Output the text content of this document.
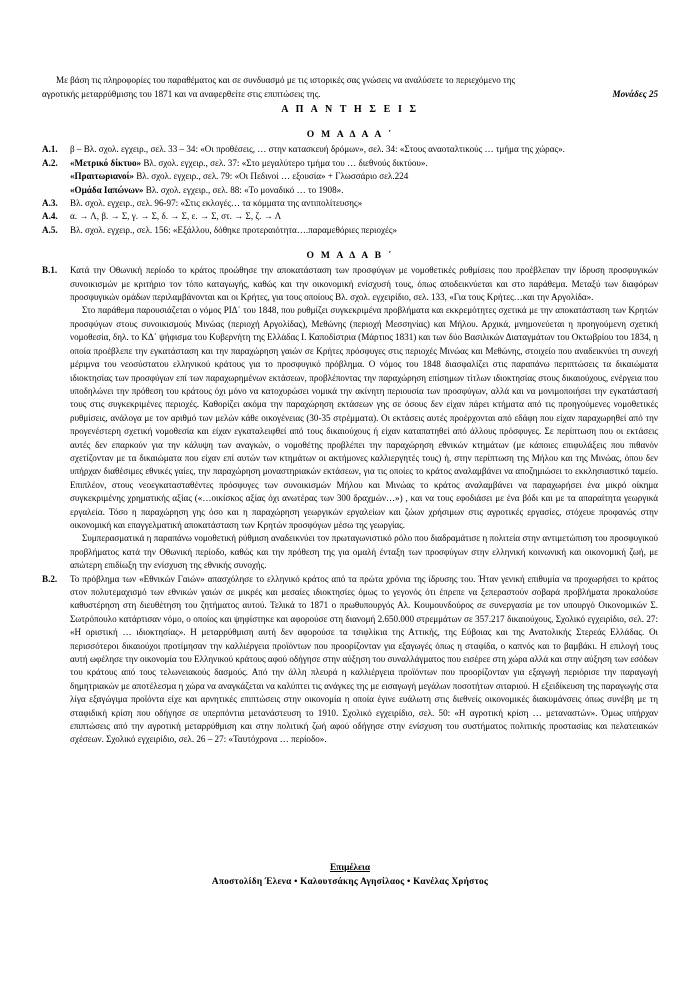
Με βάση τις πληροφορίες του παραθέματος και σε συνδυασμό με τις ιστορικές σας γνώσεις να αναλύσετε το περιεχόμενο της

αγροτικής μεταρρύθμισης του 1871 και να αναφερθείτε στις επιπτώσεις της.	Μονάδες 25
Α Π Α Ν Τ Η Σ Ε Ι Σ
Ο Μ Α Δ Α Α ΄
Α.1.	β – Βλ. σχολ. εγχειρ., σελ. 33 – 34: «Οι προθέσεις, … στην κατασκευή δρόμων», σελ. 34: «Στους αναοταλτικούς … τμήμα της χώρας».
Α.2.	«Μετρικό δίκτυο» Βλ. σχολ. εγχειρ., σελ. 37: «Στο μεγαλύτερο τμήμα του … διεθνούς δικτύου».
«Πραιτωριανοί» Βλ. σχολ. εγχειρ., σελ. 79: «Οι Πεδινοί … εξουσία» + Γλωσσάριο σελ.224
«Ομάδα Ιαπώνων» Βλ. σχολ. εγχειρ., σελ. 88: «Το μοναδικό … το 1908».
Α.3.	Βλ. σχολ. εγχειρ., σελ. 96-97: «Στις εκλογές… τα κόμματα της αντιπολίτευσης»
Α.4.	α. → Λ, β. → Σ, γ. → Σ, δ. → Σ, ε. → Σ, στ. → Σ, ζ. → Λ
Α.5.	Βλ. σχολ. εγχειρ., σελ. 156: «Εξάλλου, δόθηκε προτεραιότητα….παραμεθόριες περιοχές»
Ο Μ Α Δ Α Β ΄
Β.1.	Κατά την Οθωνική περίοδο το κράτος προώθησε την αποκατάσταση των προσφύγων με νομοθετικές ρυθμίσεις που προέβλεπαν την ίδρυση προσφυγικών συνοικισμών με κριτήριο τον τόπο καταγωγής, καθώς και την οικονομική ενίσχυσή τους, όπως αποδεικνύεται και στο παράθεμα. Μεταξύ των διαφόρων προσφυγικών ομάδων περιλαμβάνονται και οι Κρήτες, για τους οποίους Βλ. σχολ. εγχειρίδιο, σελ. 133, «Για τους Κρήτες…και την Αργολίδα».

Στο παράθεμα παρουσιάζεται ο νόμος ΡΙΔ΄ του 1848, που ρυθμίζει συγκεκριμένα προβλήματα και εκκρεμότητες σχετικά με την αποκατάσταση των Κρητών προσφύγων στους συνοικισμούς Μινώας (περιοχή Αργολίδας), Μεθώνης (περιοχή Μεσσηνίας) και Μήλου. Αρχικά, μνημονεύεται η προηγούμενη σχετική νομοθεσία, δηλ. το ΚΔ΄ ψήφισμα του Κυβερνήτη της Ελλάδας Ι. Καποδίστρια (Μάρτιος 1831) και των δύο Βασιλικών Διαταγμάτων του Οκτωβρίου του 1834, η οποία προέβλεπε την εγκατάσταση και την παραχώρηση γαιών σε Κρήτες πρόσφυγες στις περιοχές Μινώας και Μεθώνης, στοιχείο που αναδεικνύει τη συνεχή μέριμνα του νεοσύστατου ελληνικού κράτους για το προσφυγικό πρόβλημα. Ο νόμος του 1848 διασφαλίζει στις παραπάνω περιπτώσεις τα δικαιώματα ιδιοκτησίας των προσφύγων επί των παραχωρημένων εκτάσεων, προβλέποντας την παραχώρηση επίσημων τίτλων ιδιοκτησίας στους δικαιούχους, ενέργεια που υποδηλώνει την πρόθεση του κράτους όχι μόνο να κατοχυρώσει νομικά την ακίνητη περιουσία των προσφύγων, αλλά και να μονιμοποιήσει την εγκατάστασή τους στις συγκεκριμένες περιοχές. Καθορίζει ακόμα την παραχώρηση εκτάσεων γης σε όσους δεν είχαν πάρει κτήματα από τις προηγούμενες νομοθετικές ρυθμίσεις, ανάλογα με τον αριθμό των μελών κάθε οικογένειας (30-35 στρέμματα). Οι εκτάσεις αυτές προέρχονται από εδάφη που είχαν παραχωρηθεί από την προγενέστερη σχετική νομοθεσία και είχαν εγκαταλειφθεί από τους δικαιούχους ή είχαν καταπατηθεί από άλλους πρόσφυγες. Σε περίπτωση που οι εκτάσεις αυτές δεν επαρκούν για την κάλυψη των αναγκών, ο νομοθέτης προβλέπει την παραχώρηση εθνικών κτημάτων (με κάποιες επιφυλάξεις που πιθανόν σχετίζονταν με τα δικαιώματα που είχαν επί αυτών των κτημάτων οι ακτήμονες καλλιεργητές τους) ή, στην περίπτωση της Μήλου και της Μινώας, όπου δεν υπήρχαν διαθέσιμες εθνικές γαίες, την παραχώρηση μοναστηριακών εκτάσεων, για τις οποίες το κράτος αναλαμβάνει να αποζημιώσει το εκκλησιαστικό ταμείο. Επιπλέον, στους νεοεγκατασταθέντες πρόσφυγες των συνοικισμών Μήλου και Μινώας το κράτος αναλαμβάνει να παραχωρήσει ένα μικρό οίκημα συγκεκριμένης χρηματικής αξίας («…οικίσκος αξίας όχι ανωτέρας των 300 δραχμών…») , και να τους εφοδιάσει με ένα βόδι και με τα απαραίτητα γεωργικά εργαλεία. Τόσο η παραχώρηση γης όσο και η παραχώρηση γεωργικών εργαλείων και ζώων χρήσιμων στις αγροτικές εργασίες, στόχευε προφανώς στην οικονομική και επαγγελματική αποκατάσταση των Κρητών προσφύγων μέσω της γεωργίας.

Συμπερασματικά η παραπάνω νομοθετική ρύθμιση αναδεικνύει τον πρωταγωνιστικό ρόλο που διαδραμάτισε η πολιτεία στην αντιμετώπιση του προσφυγικού προβλήματος κατά την Οθωνική περίοδο, καθώς και την πρόθεση της για ομαλή ένταξη των προσφύγων στην ελληνική κοινωνική και οικονομική ζωή, με απώτερη επιδίωξη την ενίσχυση της εθνικής συνοχής.

Β.2.	Το πρόβλημα των «Εθνικών Γαιών» απασχόλησε το ελληνικό κράτος από τα πρώτα χρόνια της ίδρυσης του. Ήταν γενική επιθυμία να προχωρήσει το κράτος στον πολυτεμαχισμό των εθνικών γαιών σε μικρές και μεσαίες ιδιοκτησίες όμως το γεγονός ότι έπρεπε να ξεπεραστούν σοβαρά προβλήματα προκαλούσε καθυστέρηση στη διευθέτηση του ζητήματος αυτού. Τελικά το 1871 ο πρωθυπουργός Αλ. Κουμουνδούρος σε συνεργασία με τον υπουργό Οικονομικών Σ. Σωτρόπουλο κατάρτισαν νόμο, ο οποίος και ψηφίστηκε και αφορούσε στη διανομή 2.650.000 στρεμμάτων σε 357.217 δικαιούχους, Σχολικό εγχειρίδιο, σελ. 27: «Η οριστική … ιδιοκτησίας». Η μεταρρύθμιση αυτή δεν αφορούσε τα τσιφλίκια της Αττικής, της Εύβοιας και της Ανατολικής Στερεάς Ελλάδας. Οι περισσότεροι δικαιούχοι προτίμησαν την καλλιέργεια προϊόντων που προορίζονταν για εξαγωγές όπως η σταφίδα, ο καπνός και το βαμβάκι. Η επιλογή τους αυτή ωφέλησε την οικονομία του Ελληνικού κράτους αφού οδήγησε στην αύξηση του συναλλάγματος που εισέρεε στη χώρα αλλά και στην αύξηση των εσόδων του κράτους από τους τελωνειακούς δασμούς. Από την άλλη πλευρά η καλλιέργεια προϊόντων που προορίζονταν για εξαγωγή περιόρισε την παραγωγή δημητριακών με αποτέλεσμα η χώρα να αναγκάζεται να καλύπτει τις ανάγκες της με εισαγωγή μεγάλων ποσοτήτων σιταριού. Η εξειδίκευση της παραγωγής στα λίγα εξαγώγιμα προϊόντα είχε και αρνητικές επιπτώσεις στην οικονομία η οποία έγινε ευάλωτη στις διεθνείς οικονομικές διακυμάνσεις όπως συνέβη με τη σταφιδική κρίση που οδήγησε σε υπερπόντια μετανάστευση το 1910. Σχολικό εγχειρίδιο, σελ. 50: «Η αγροτική κρίση … μεταναστών». Όμως υπήρχαν επιπτώσεις από την αγροτική μεταρρύθμιση και στην πολιτική ζωή αφού οδήγησε στην ενίσχυση του συστήματος πολιτικής προστασίας και πελατειακών σχέσεων. Σχολικό εγχειρίδιο, σελ. 26 – 27: «Ταυτόχρονα … περίοδο».

Επιμέλεια
Αποστολίδη Έλενα • Καλουτσάκης Αγησίλαος • Κανέλας Χρήστος
